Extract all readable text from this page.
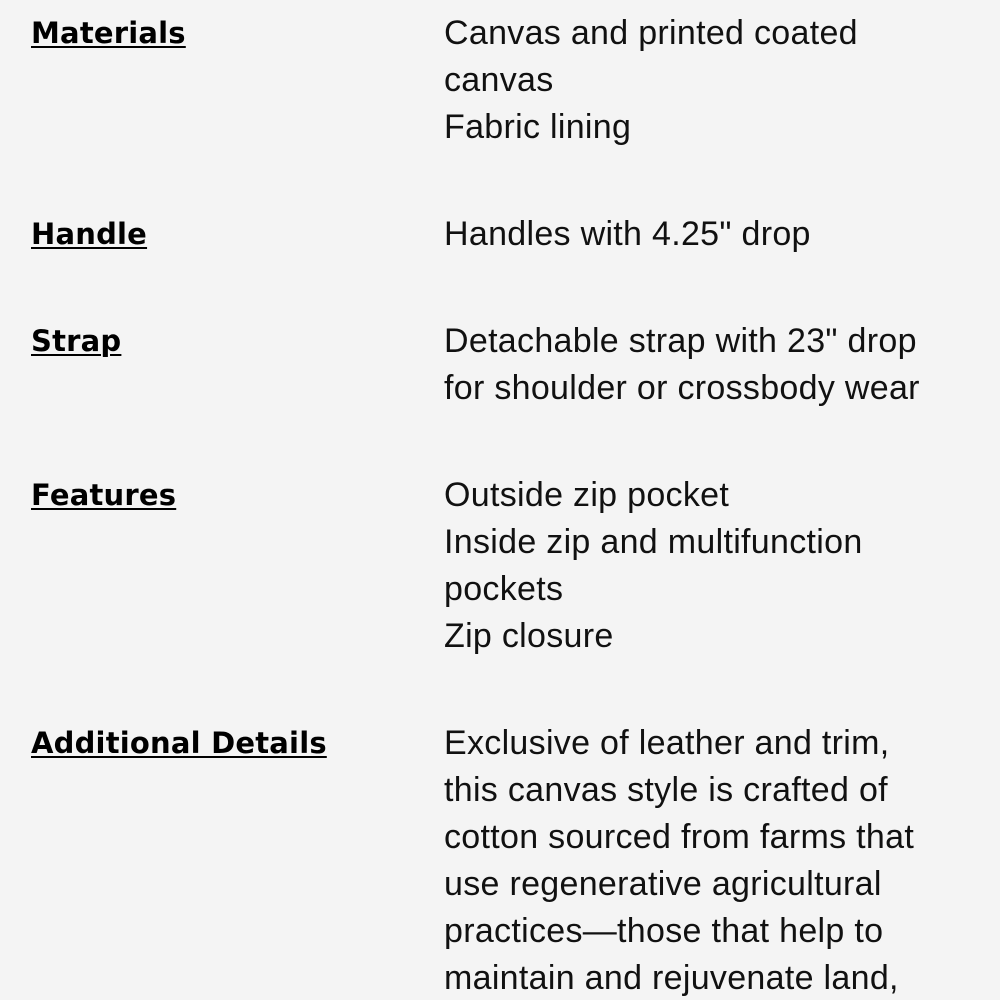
Materials	Canvas and printed coated
canvas
Fabric lining
Handle	Handles with 4.25" drop
Strap	Detachable strap with 23" drop
for shoulder or crossbody wear
Features	Outside zip pocket
Inside zip and multifunction
pockets
Zip closure
Additional Details	Exclusive of leather and trim,
this canvas style is crafted of
cotton sourced from farms that
use regenerative agricultural
practices—those that help to
maintain and rejuvenate land,
